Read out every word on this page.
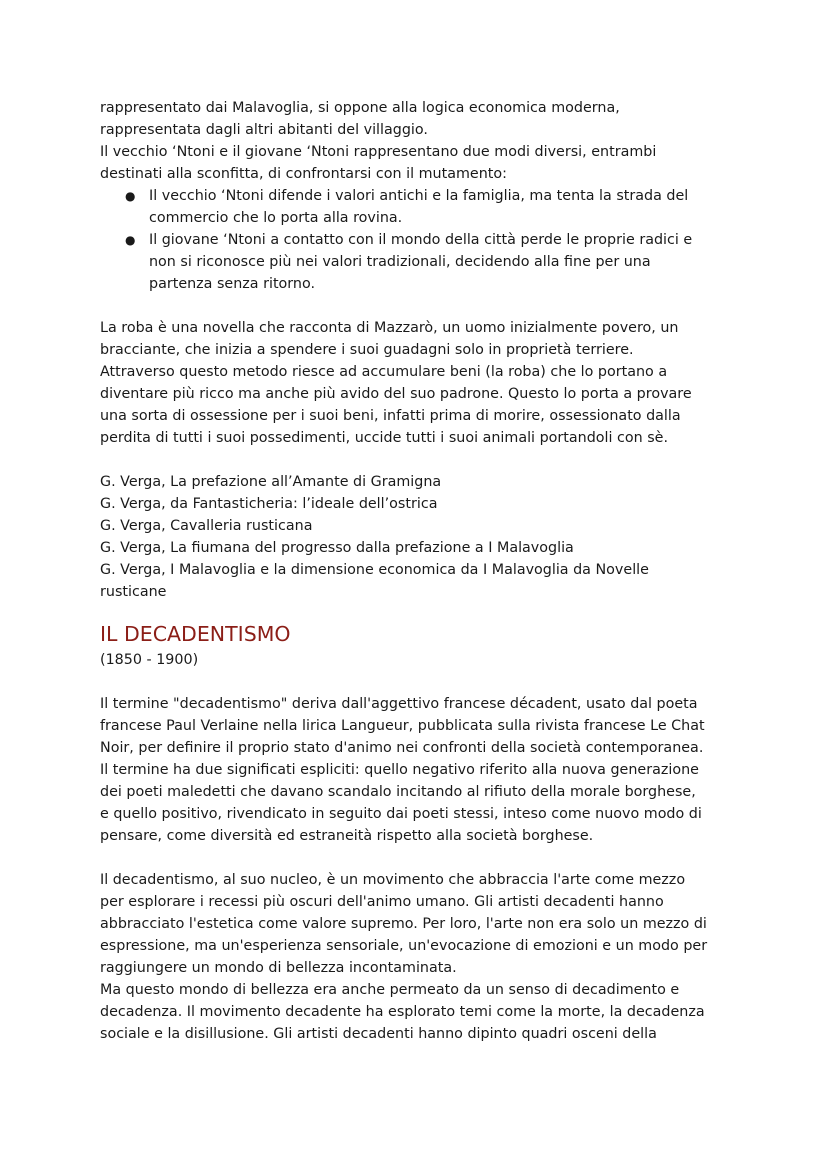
rappresentato dai Malavoglia, si oppone alla logica economica moderna,

rappresentata dagli altri abitanti del villaggio.

Il vecchio ‘Ntoni e il giovane ‘Ntoni rappresentano due modi diversi, entrambi

destinati alla sconfitta, di confrontarsi con il mutamento:

● Il vecchio ‘Ntoni difende i valori antichi e la famiglia, ma tenta la strada del

commercio che lo porta alla rovina.

● Il giovane ‘Ntoni a contatto con il mondo della città perde le proprie radici e

non si riconosce più nei valori tradizionali, decidendo alla fine per una

partenza senza ritorno.

La roba è una novella che racconta di Mazzarò, un uomo inizialmente povero, un

bracciante, che inizia a spendere i suoi guadagni solo in proprietà terriere.

Attraverso questo metodo riesce ad accumulare beni (la roba) che lo portano a

diventare più ricco ma anche più avido del suo padrone. Questo lo porta a provare

una sorta di ossessione per i suoi beni, infatti prima di morire, ossessionato dalla

perdita di tutti i suoi possedimenti, uccide tutti i suoi animali portandoli con sè.

G. Verga, La prefazione all’Amante di Gramigna

G. Verga, da Fantasticheria: l’ideale dell’ostrica

G. Verga, Cavalleria rusticana

G. Verga, La fiumana del progresso dalla prefazione a I Malavoglia

G. Verga, I Malavoglia e la dimensione economica da I Malavoglia da Novelle

rusticane

IL DECADENTISMO

(1850 - 1900)

Il termine "decadentismo" deriva dall'aggettivo francese décadent, usato dal poeta

francese Paul Verlaine nella lirica Langueur, pubblicata sulla rivista francese Le Chat

Noir, per definire il proprio stato d'animo nei confronti della società contemporanea.

Il termine ha due significati espliciti: quello negativo riferito alla nuova generazione

dei poeti maledetti che davano scandalo incitando al rifiuto della morale borghese,

e quello positivo, rivendicato in seguito dai poeti stessi, inteso come nuovo modo di

pensare, come diversità ed estraneità rispetto alla società borghese.

Il decadentismo, al suo nucleo, è un movimento che abbraccia l'arte come mezzo

per esplorare i recessi più oscuri dell'animo umano. Gli artisti decadenti hanno

abbracciato l'estetica come valore supremo. Per loro, l'arte non era solo un mezzo di

espressione, ma un'esperienza sensoriale, un'evocazione di emozioni e un modo per

raggiungere un mondo di bellezza incontaminata.

Ma questo mondo di bellezza era anche permeato da un senso di decadimento e

decadenza. Il movimento decadente ha esplorato temi come la morte, la decadenza

sociale e la disillusione. Gli artisti decadenti hanno dipinto quadri osceni della
